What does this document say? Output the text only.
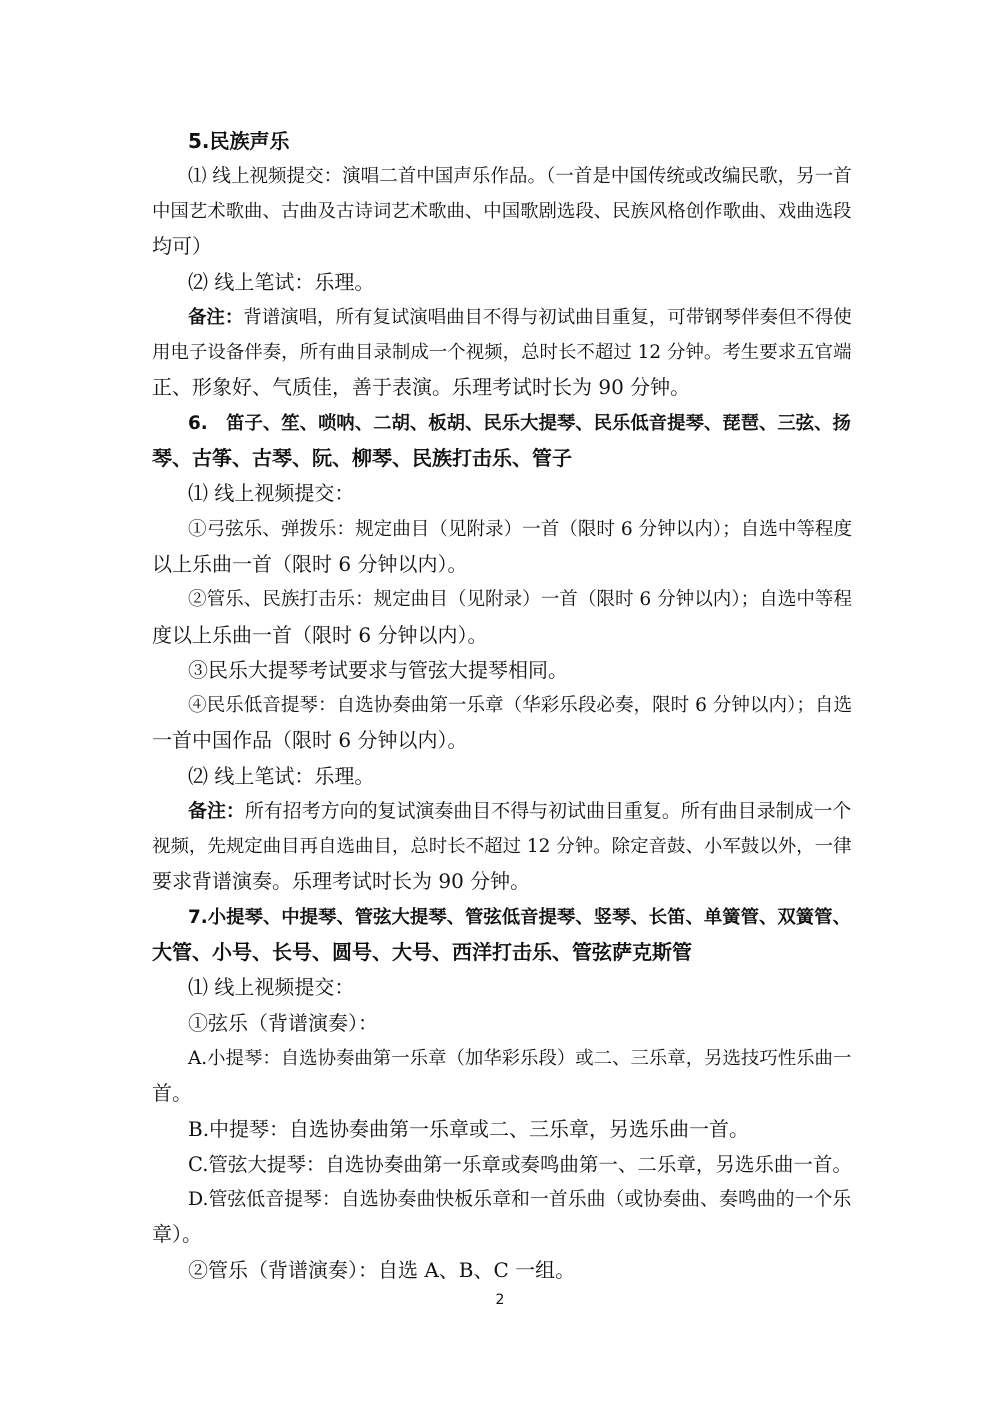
5.民族声乐
⑴ 线上视频提交：演唱二首中国声乐作品。（一首是中国传统或改编民歌，另一首
中国艺术歌曲、古曲及古诗词艺术歌曲、中国歌剧选段、民族风格创作歌曲、戏曲选段
均可）
⑵ 线上笔试：乐理。
备注：背谱演唱，所有复试演唱曲目不得与初试曲目重复，可带钢琴伴奏但不得使
用电子设备伴奏，所有曲目录制成一个视频，总时长不超过 12 分钟。考生要求五官端
正、形象好、气质佳，善于表演。乐理考试时长为 90 分钟。
6.　笛子、笙、唢呐、二胡、板胡、民乐大提琴、民乐低音提琴、琵琶、三弦、扬
琴、古筝、古琴、阮、柳琴、民族打击乐、管子
⑴ 线上视频提交：
①弓弦乐、弹拨乐：规定曲目（见附录）一首（限时 6 分钟以内）；自选中等程度
以上乐曲一首（限时 6 分钟以内）。
②管乐、民族打击乐：规定曲目（见附录）一首（限时 6 分钟以内）；自选中等程
度以上乐曲一首（限时 6 分钟以内）。
③民乐大提琴考试要求与管弦大提琴相同。
④民乐低音提琴：自选协奏曲第一乐章（华彩乐段必奏，限时 6 分钟以内）；自选
一首中国作品（限时 6 分钟以内）。
⑵ 线上笔试：乐理。
备注：所有招考方向的复试演奏曲目不得与初试曲目重复。所有曲目录制成一个
视频，先规定曲目再自选曲目，总时长不超过 12 分钟。除定音鼓、小军鼓以外，一律
要求背谱演奏。乐理考试时长为 90 分钟。
7.小提琴、中提琴、管弦大提琴、管弦低音提琴、竖琴、长笛、单簧管、双簧管、
大管、小号、长号、圆号、大号、西洋打击乐、管弦萨克斯管
⑴ 线上视频提交：
①弦乐（背谱演奏）：
A.小提琴：自选协奏曲第一乐章（加华彩乐段）或二、三乐章，另选技巧性乐曲一
首。
B.中提琴：自选协奏曲第一乐章或二、三乐章，另选乐曲一首。
C.管弦大提琴：自选协奏曲第一乐章或奏鸣曲第一、二乐章，另选乐曲一首。
D.管弦低音提琴：自选协奏曲快板乐章和一首乐曲（或协奏曲、奏鸣曲的一个乐
章）。
②管乐（背谱演奏）：自选 A、B、C 一组。
2
